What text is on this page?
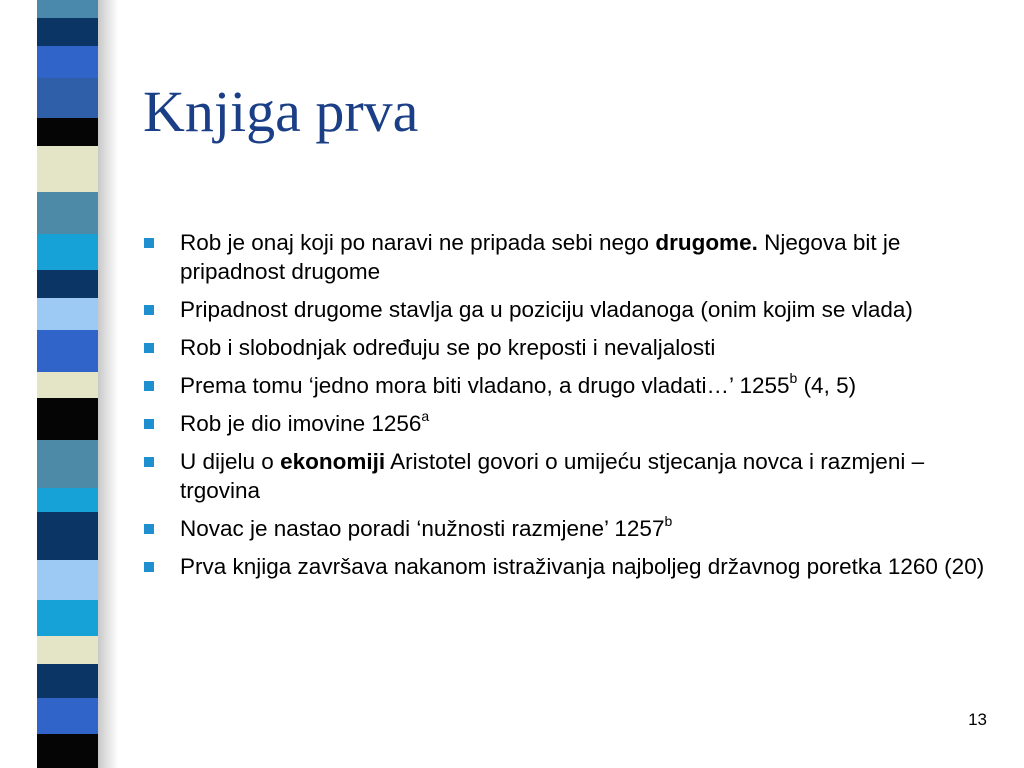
Knjiga prva
Rob je onaj koji po naravi ne pripada sebi nego drugome. Njegova bit je pripadnost drugome
Pripadnost drugome stavlja ga u poziciju vladanoga (onim kojim se vlada)
Rob i slobodnjak određuju se po kreposti i nevaljalosti
Prema tomu ‘jedno mora biti vladano, a drugo vladati…’ 1255$^b$ (4, 5)
Rob je dio imovine 1256$^a$
U dijelu o ekonomiji Aristotel govori o umijeću stjecanja novca i razmjeni – trgovina
Novac je nastao poradi ‘nužnosti razmjene’ 1257$^b$
Prva knjiga završava nakanom istraživanja najboljeg državnog poretka 1260 (20)
13
